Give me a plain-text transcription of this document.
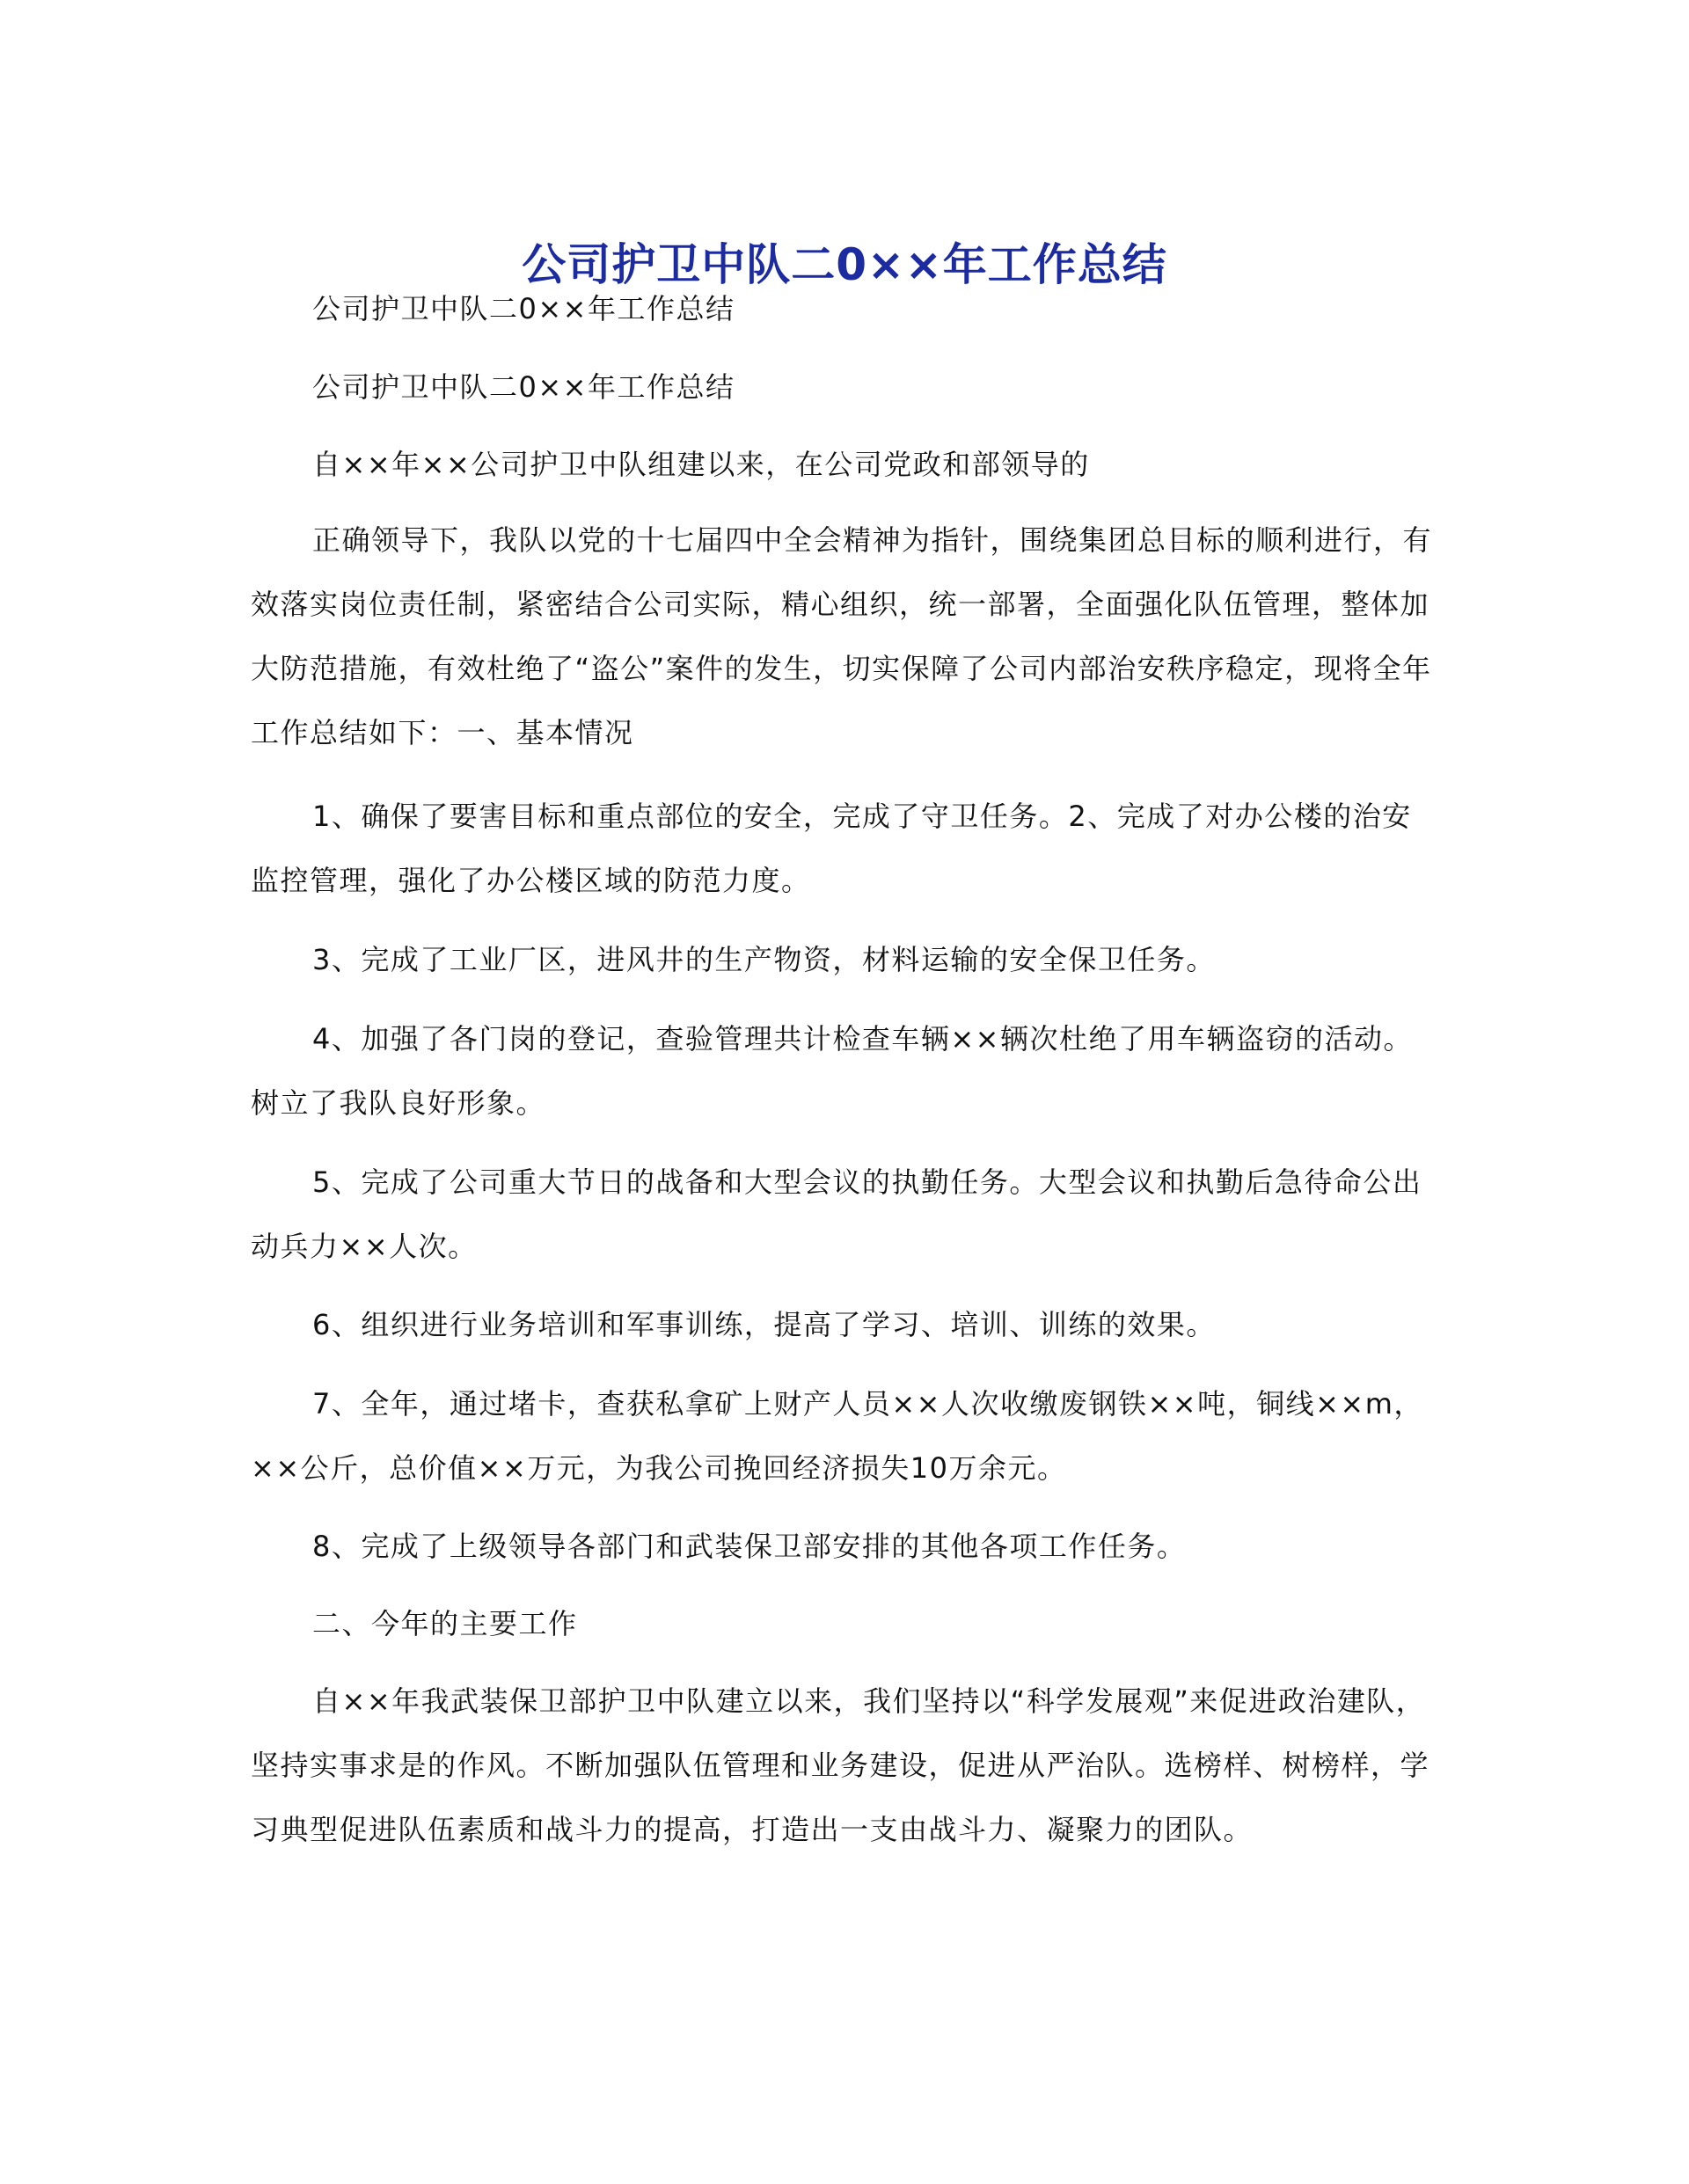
公司护卫中队二0××年工作总结

公司护卫中队二0××年工作总结

公司护卫中队二0××年工作总结

自××年××公司护卫中队组建以来，在公司党政和部领导的

正确领导下，我队以党的十七届四中全会精神为指针，围绕集团总目标的顺利进行，有效落实岗位责任制，紧密结合公司实际，精心组织，统一部署，全面强化队伍管理，整体加大防范措施，有效杜绝了“盗公”案件的发生，切实保障了公司内部治安秩序稳定，现将全年工作总结如下：一、基本情况

1、确保了要害目标和重点部位的安全，完成了守卫任务。2、完成了对办公楼的治安监控管理，强化了办公楼区域的防范力度。

3、完成了工业厂区，进风井的生产物资，材料运输的安全保卫任务。

4、加强了各门岗的登记，查验管理共计检查车辆××辆次杜绝了用车辆盗窃的活动。树立了我队良好形象。

5、完成了公司重大节日的战备和大型会议的执勤任务。大型会议和执勤后急待命公出动兵力××人次。

6、组织进行业务培训和军事训练，提高了学习、培训、训练的效果。

7、全年，通过堵卡，查获私拿矿上财产人员××人次收缴废钢铁××吨，铜线××m，××公斤，总价值××万元，为我公司挽回经济损失10万余元。

8、完成了上级领导各部门和武装保卫部安排的其他各项工作任务。

二、今年的主要工作

自××年我武装保卫部护卫中队建立以来，我们坚持以“科学发展观”来促进政治建队，坚持实事求是的作风。不断加强队伍管理和业务建设，促进从严治队。选榜样、树榜样，学习典型促进队伍素质和战斗力的提高，打造出一支由战斗力、凝聚力的团队。
